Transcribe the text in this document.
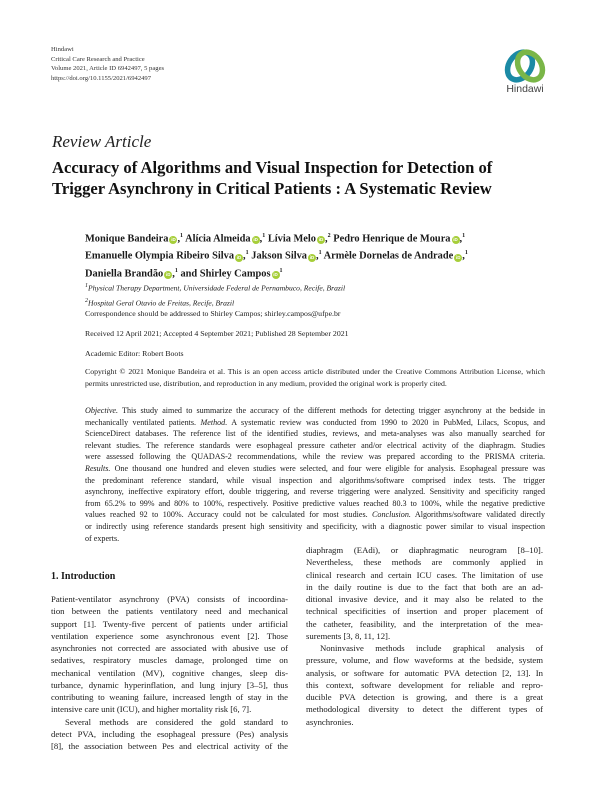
Hindawi
Critical Care Research and Practice
Volume 2021, Article ID 6942497, 5 pages
https://doi.org/10.1155/2021/6942497
Hindawi
Review Article
Accuracy of Algorithms and Visual Inspection for Detection of
Trigger Asynchrony in Critical Patients : A Systematic Review
Monique Bandeira iD ,$^1$ Alícia Almeida iD ,$^1$ Lívia Melo iD ,$^2$ Pedro Henrique de Moura iD ,$^1$
Emanuelle Olympia Ribeiro Silva iD ,$^1$ Jakson Silva iD ,$^1$ Armèle Dornelas de Andrade iD ,$^1$
Daniella Brandão iD ,$^1$ and Shirley Campos $iD^1$
$^1$Physical Therapy Department, Universidade Federal de Pernambuco, Recife, Brazil
$^2$Hospital Geral Otavio de Freitas, Recife, Brazil
Correspondence should be addressed to Shirley Campos; shirley.campos@ufpe.br
Received 12 April 2021; Accepted 4 September 2021; Published 28 September 2021
Academic Editor: Robert Boots
Copyright © 2021 Monique Bandeira et al. This is an open access article distributed under the Creative Commons Attribution License, which permits unrestricted use, distribution, and reproduction in any medium, provided the original work is properly cited.
Objective. This study aimed to summarize the accuracy of the different methods for detecting trigger asynchrony at the bedside in
mechanically ventilated patients. Method. A systematic review was conducted from 1990 to 2020 in PubMed, Lilacs, Scopus, and
ScienceDirect databases. The reference list of the identified studies, reviews, and meta-analyses was also manually searched for
relevant studies. The reference standards were esophageal pressure catheter and/or electrical activity of the diaphragm. Studies
were assessed following the QUADAS-2 recommendations, while the review was prepared according to the PRISMA criteria.
Results. One thousand one hundred and eleven studies were selected, and four were eligible for analysis. Esophageal pressure was
the predominant reference standard, while visual inspection and algorithms/software comprised index tests. The trigger
asynchrony, ineffective expiratory effort, double triggering, and reverse triggering were analyzed. Sensitivity and specificity ranged
from 65.2% to 99% and 80% to 100%, respectively. Positive predictive values reached 80.3 to 100%, while the negative predictive
values reached 92 to 100%. Accuracy could not be calculated for most studies. Conclusion. Algorithms/software validated directly
or indirectly using reference standards present high sensitivity and specificity, with a diagnostic power similar to visual inspection
of experts.
1. Introduction
Patient-ventilator asynchrony (PVA) consists of incoordina-
tion between the patients ventilatory need and mechanical
support [1]. Twenty-five percent of patients under artificial
ventilation experience some asynchronous event [2]. Those
asynchronies not corrected are associated with abusive use of
sedatives, respiratory muscles damage, prolonged time on
mechanical ventilation (MV), cognitive changes, sleep dis-
turbance, dynamic hyperinflation, and lung injury [3–5], thus
contributing to weaning failure, increased length of stay in the
intensive care unit (ICU), and higher mortality risk [6, 7].
Several methods are considered the gold standard to
detect PVA, including the esophageal pressure (Pes) analysis
[8], the association between Pes and electrical activity of the
diaphragm (EAdi), or diaphragmatic neurogram [8–10].
Nevertheless, these methods are commonly applied in
clinical research and certain ICU cases. The limitation of use
in the daily routine is due to the fact that both are an ad-
ditional invasive device, and it may also be related to the
technical specificities of insertion and proper placement of
the catheter, feasibility, and the interpretation of the mea-
surements [3, 8, 11, 12].
Noninvasive methods include graphical analysis of
pressure, volume, and flow waveforms at the bedside, system
analysis, or software for automatic PVA detection [2, 13]. In
this context, software development for reliable and repro-
ducible PVA detection is growing, and there is a great
methodological diversity to detect the different types of
asynchronies.
